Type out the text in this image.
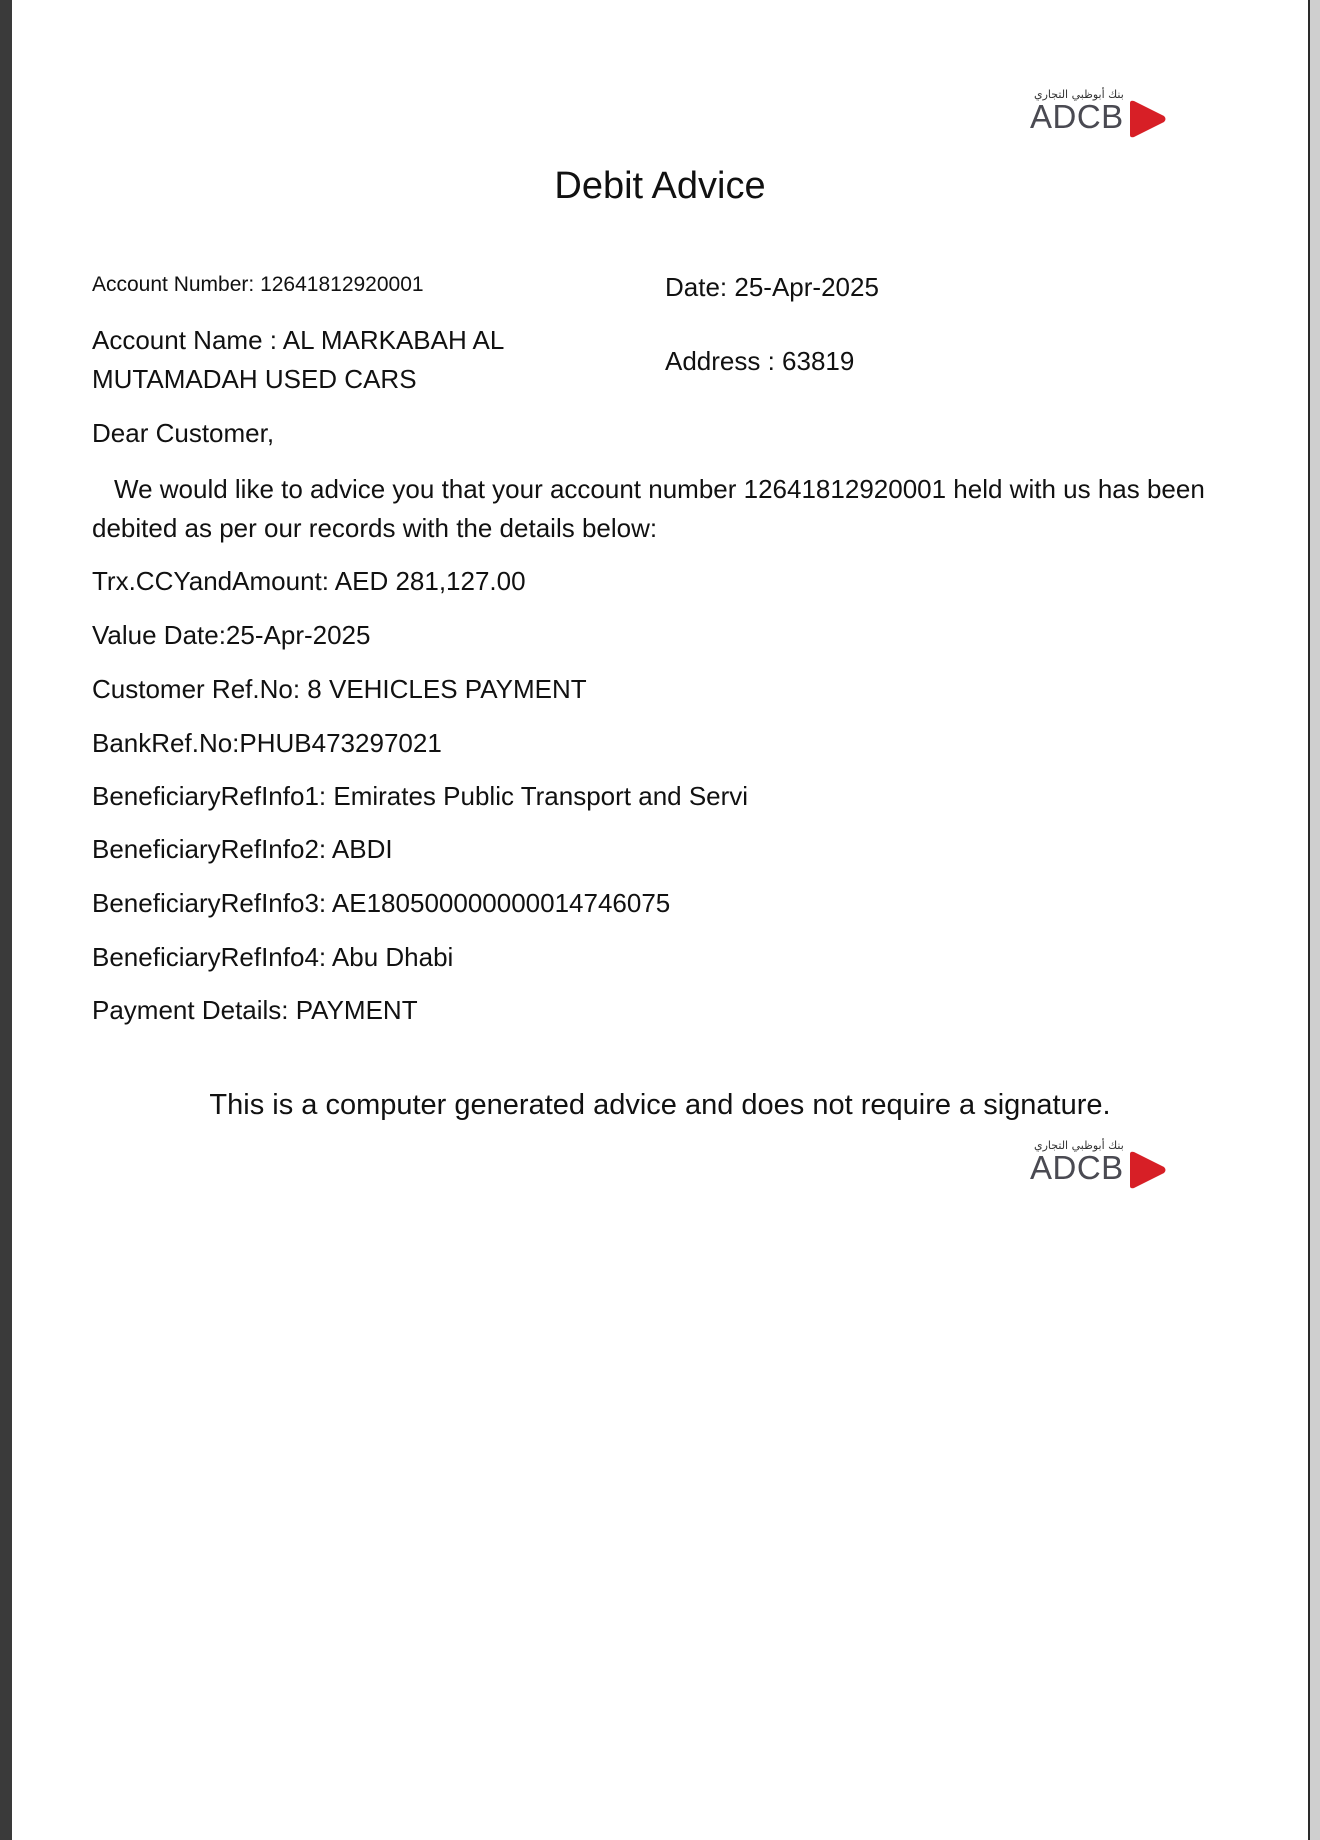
بنك أبوظبي التجاري
ADCB
Debit Advice
Account Number: 12641812920001	Date: 25-Apr-2025
Account Name : AL MARKABAH AL
MUTAMADAH USED CARS
Address : 63819
Dear Customer,
We would like to advice you that your account number 12641812920001 held with us has been
debited as per our records with the details below:
Trx.CCYandAmount: AED 281,127.00
Value Date:25-Apr-2025
Customer Ref.No: 8 VEHICLES PAYMENT
BankRef.No:PHUB473297021
BeneficiaryRefInfo1: Emirates Public Transport and Servi
BeneficiaryRefInfo2: ABDI
BeneficiaryRefInfo3: AE180500000000014746075
BeneficiaryRefInfo4: Abu Dhabi
Payment Details: PAYMENT
This is a computer generated advice and does not require a signature.
بنك أبوظبي التجاري
ADCB
